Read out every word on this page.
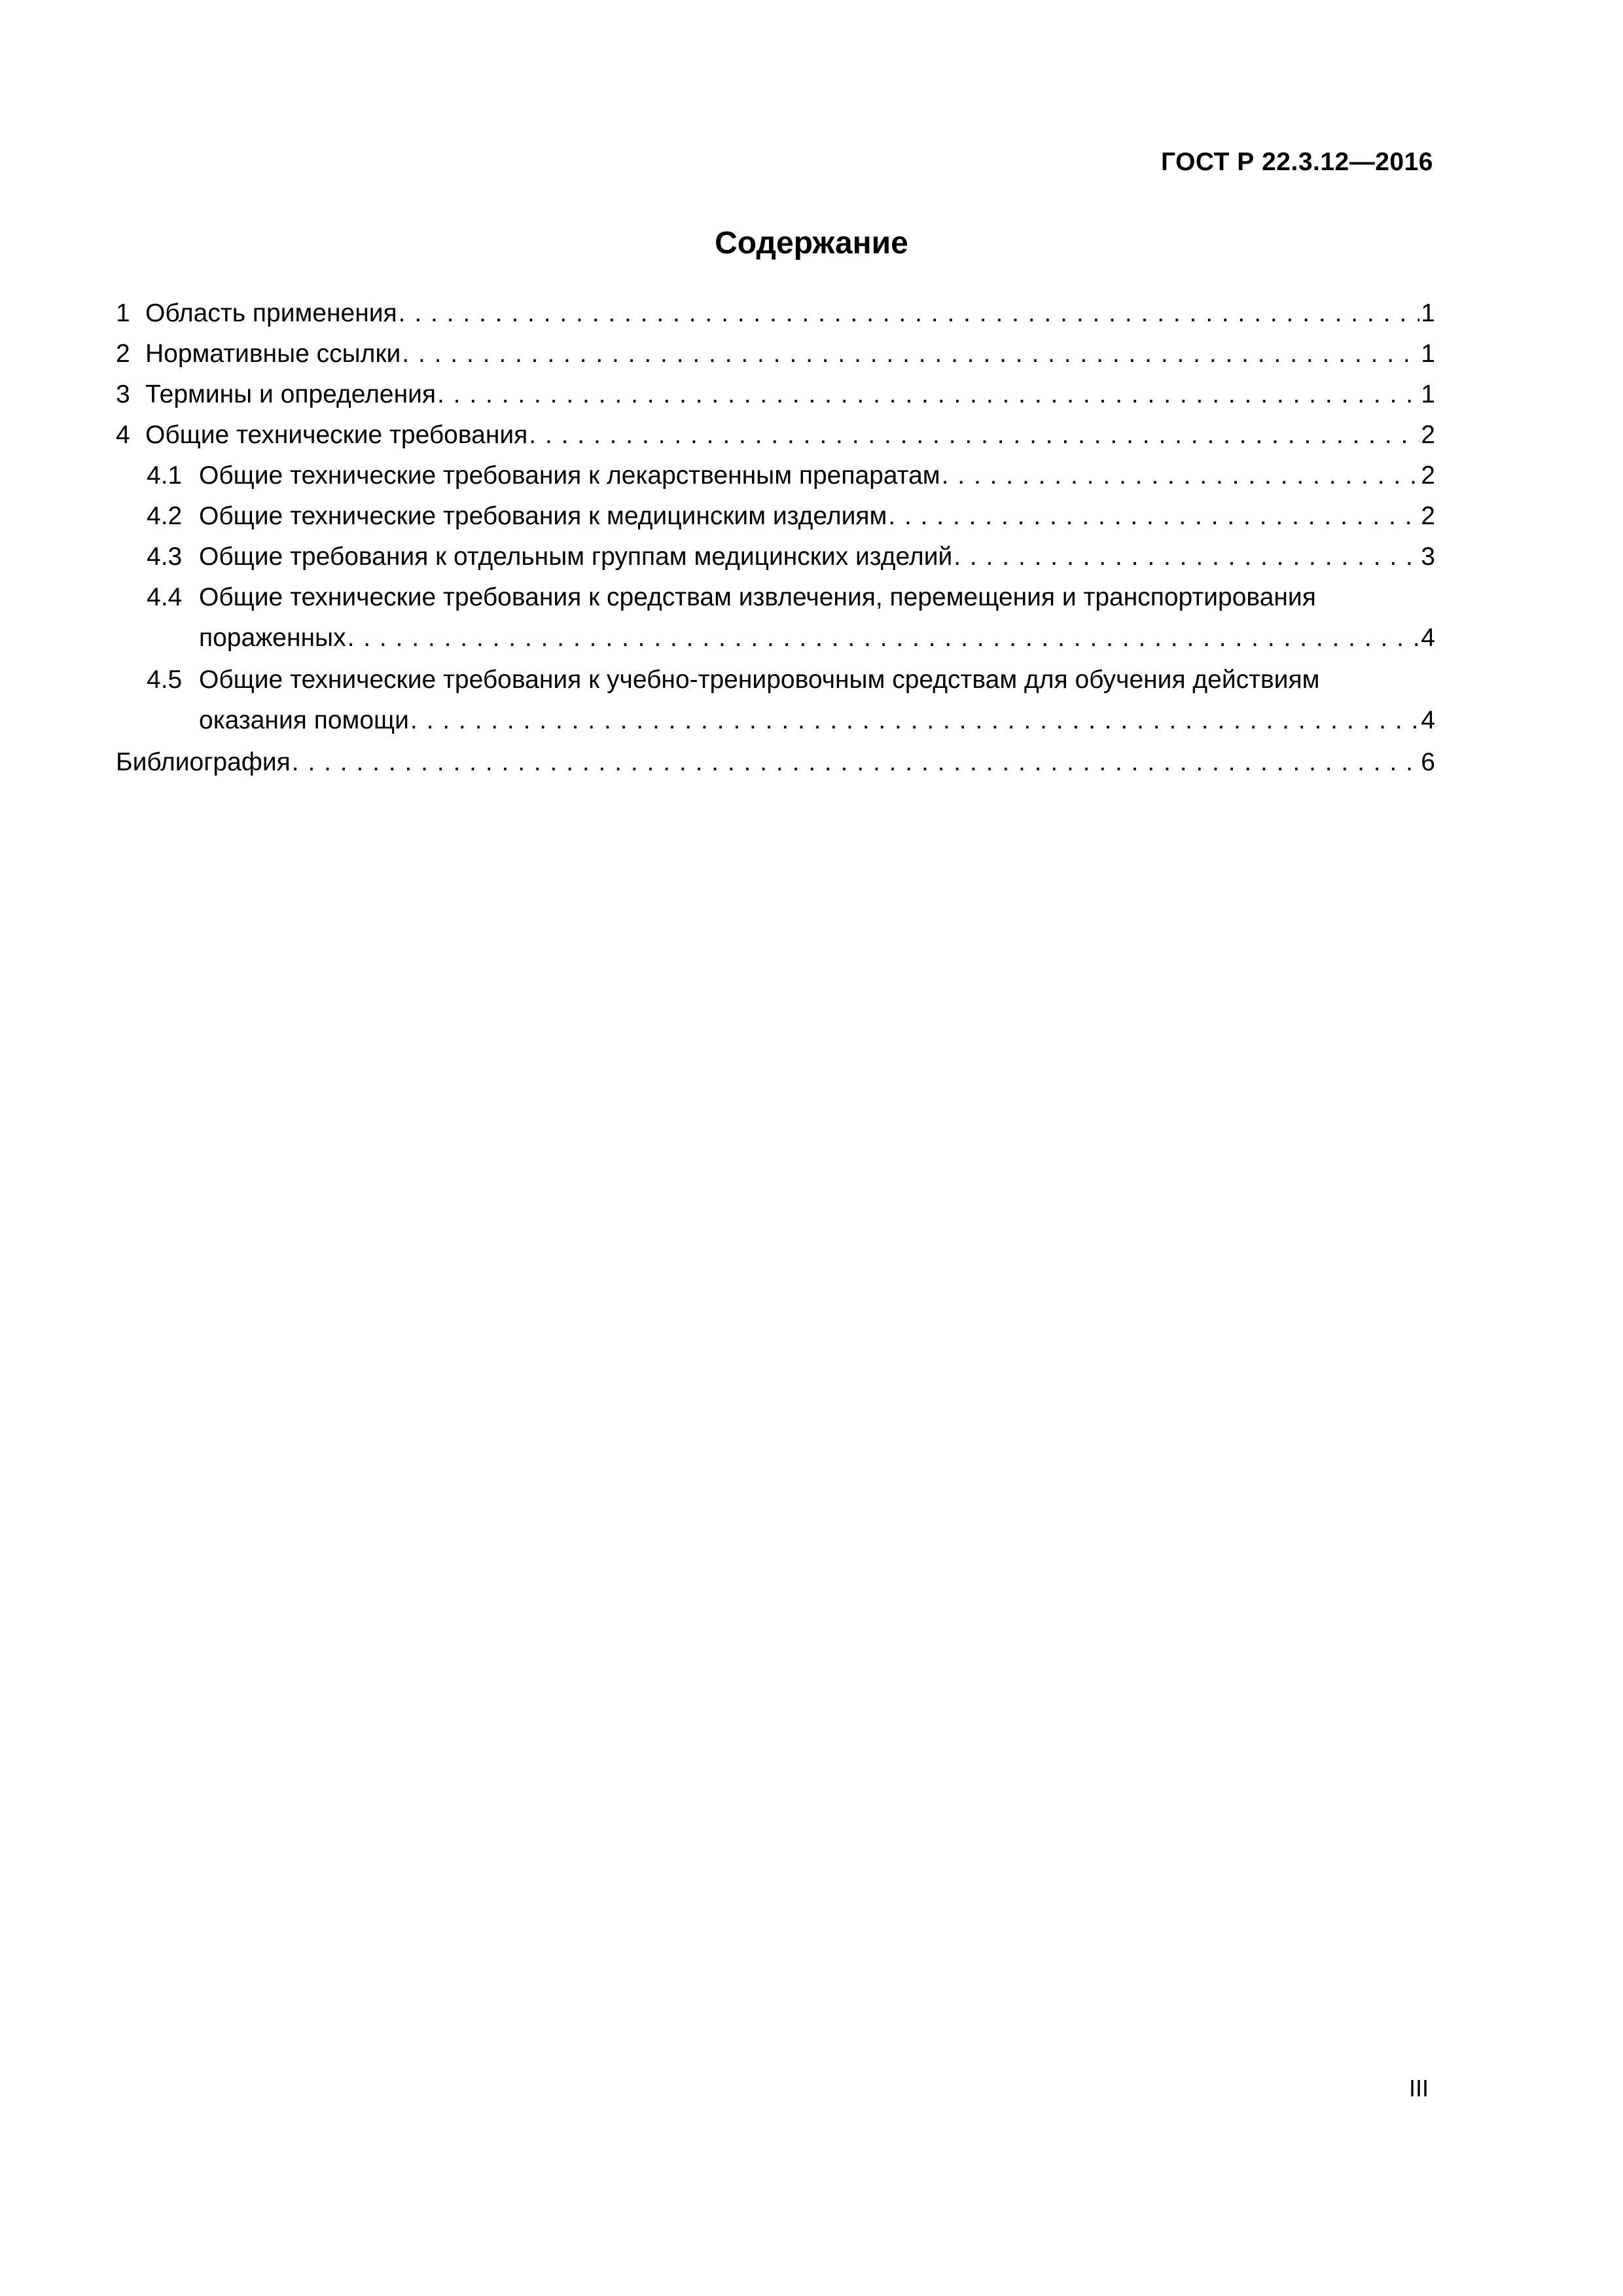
ГОСТ Р 22.3.12—2016
Содержание
1 Область применения . . .	1
2 Нормативные ссылки . . .	1
3 Термины и определения . . .	1
4 Общие технические требования . . .	2
4.1 Общие технические требования к лекарственным препаратам . . .	2
4.2 Общие технические требования к медицинским изделиям . . .	2
4.3 Общие требования к отдельным группам медицинских изделий . . .	3
4.4 Общие технические требования к средствам извлечения, перемещения и транспортирования
пораженных . . .	4
4.5 Общие технические требования к учебно-тренировочным средствам для обучения действиям
оказания помощи . . .	4
Библиография . . .	6
III
